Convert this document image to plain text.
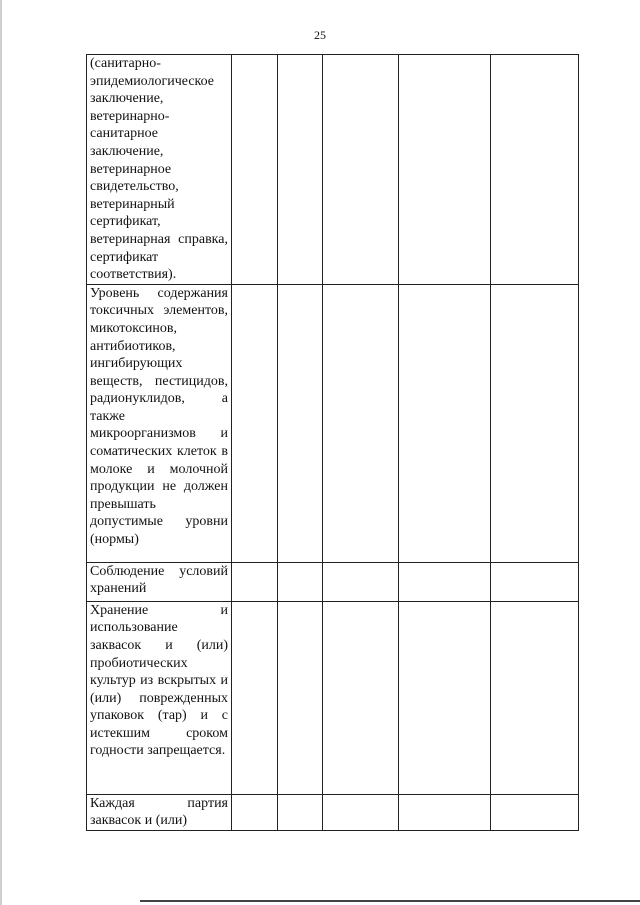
25
(санитарно-эпидемиологическое заключение, ветеринарно-санитарное заключение, ветеринарное свидетельство, ветеринарный сертификат, ветеринарная справка, сертификат соответствия).					

Уровень содержания токсичных элементов, микотоксинов, антибиотиков, ингибирующих веществ, пестицидов, радионуклидов, а также микроорганизмов и соматических клеток в молоке и молочной продукции не должен превышать допустимые уровни (нормы)					

Соблюдение условий хранений					

Хранение и использование заквасок и (или) пробиотических культур из вскрытых и (или) поврежденных упаковок (тар) и с истекшим сроком годности запрещается.					

Каждая партия заквасок и (или)					
